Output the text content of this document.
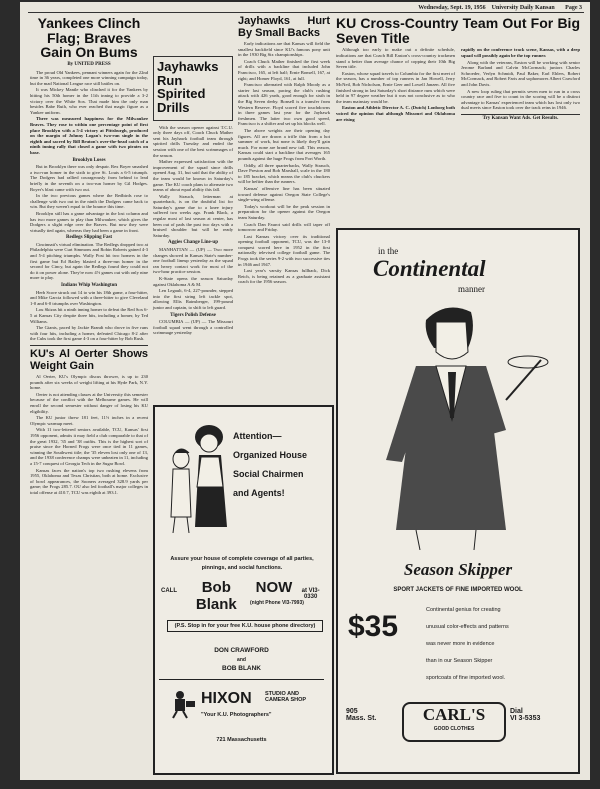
Wednesday, Sept. 19, 1956 University Daily Kansan Page 3
Yankees Clinch Flag; Braves Gain On Bums
By UNITED PRESS

The proud Old Yankees, pennant winners again for the 22nd time in 36 years, completed one more winning campaign today, but the mad National League race still battles on.

It was Mickey Mantle who clinched it for the Yankees by hitting his 50th homer in the 11th inning to provide a 3-2 victory over the White Sox. That made him the only man besides Babe Ruth, who ever reached that magic figure as a Yankee uniform.

Three was measured happiness for the Milwaukee Braves. They rose to within one percentage point of first place Brooklyn with a 5-4 victory at Pittsburgh, produced on the margin of Johnny Logan's two-run single in the eighth and sacred by Bill Bruton's over-the-head catch of a ninth inning rally that closed a game with two pirates on base.

Brooklyn Loses

But in Brooklyn there was only despair. Rex Boyer smashed a two-run homer in the sixth to give St. Louis a 6-5 triumph. The Dodgers had rallied courageously from behind to lead briefly in the seventh on a two-run homer by Gil Hodges. Boyer's blast came with two out.

In the two previous games where the Redbirds rose to challenge with two out in the ninth the Dodgers came back to win. But they weren't equal to the bounce this time.

Brooklyn still has a game advantage in the lost column and has two more games to play than Milwaukee, which gives the Dodgers a slight edge over the Braves. But now they were virtually tied again, whereas they had been a game in front.

Redlegs Slipping Fast

Cincinnati's virtual elimination. The Redlegs dropped two at Philadelphia were Curt Simmons and Robin Roberts gained 4-3 and 5-4 pitching triumphs. Wally Post hit two homers in the first game but Ed Bailey blasted a three-run homer in the second for Cincy, but again the Redlegs found they could not do it on power alone. They're now 4½ games out with only nine more to play.

Indians Whip Washington

Herb Score struck out 14 to win his 18th game, a four-hitter, and Mike Garcia followed with a three-hitter to give Cleveland 1-0 and 6-0 triumphs over Washington.

Lou Skizas hit a ninth inning homer to defeat the Red Sox 6-5 at Kansas City despite three hits, including a homer, by Ted Williams.

The Giants, paced by Jackie Brandt who drove in five runs with four hits, including a homer, defeated Chicago 8-2 after the Cubs took the first game 4-3 on a four-hitter by Bob Rush.

KU's Al Oerter Shows Weight Gain

Al Oerter, KU's Olympic discus thrower, is up to 230 pounds after six weeks of weight lifting at his Hyde Park, N.Y. home.

Oerter is not attending classes at the University this semester because of the conflict with the Melbourne games. He will enroll the second semester without danger of losing his KU eligibility.

The KU junior threw 181 feet, 11½ inches in a recent Olympic warmup meet.

With 11 two-lettered seniors available, TCU, Kansas' first 1956 opponent, admits it may field a club comparable to that of the great 1932, '35 and '38 outfits. This is the highest sort of praise since the Horned Frogs were once tied in 11 games, winning the Southwest title; the '35 eleven lost only one of 13, and the 1938 conference champs were unbeaten in 11, including a 15-7 conquest of Georgia Tech in the Sugar Bowl.

Kansas faces the nation's top two rushing elevens from 1955, Oklahoma and Texas Christian, both at home. Exclusive of bowl appearances, the Sooners averaged 328.9 yards per game; the Frogs 285.7. OU also led football's major colleges in total offense at 410.7, TCU was eighth at 393.1.

Jayhawks Run Spirited Drills

With the season opener against T.C.U. only three days off, Coach Chuck Mather sent his Jayhawk football team through spirited drills Tuesday and ended the session with one of the best scrimmages of the season.

Mather expressed satisfaction with the improvement of the squad since drills opened Aug. 31, but said that the ability of the team would be known in Saturday's game. The KU coach plans to alternate two teams of about equal ability this fall.

Wally Strauch, letterman at quarterback, is on the doubtful list for Saturday's game due to a knee injury suffered two weeks ago. Frank Black, a regular most of last season at center, has been out of pads the past two days with a bruised shoulder but will be ready Saturday.

Aggies Change Line-up

MANHATTAN — (UP) — Two more changes showed in Kansas State's number-one football lineup yesterday as the squad ran heavy contact work for most of the two-hour practice session.

K-State opens the season Saturday against Oklahoma A & M.

Len Legault, 6-4, 227-pounder, stepped into the first string left tackle spot, allowing Ellis Rainsberger, 199-pound junior and captain, to shift to left guard.

Tigers Polish Defense

COLUMBIA — (UP) — The Missouri football squad went through a controlled scrimmage yesterday

Jayhawks Hurt By Small Backs

Early indications are that Kansas will field the smallest backfield since KU's famous pony unit in the 1930 Big Six championships.

Coach Chuck Mather finished the first week of drills with a backline that included John Francisco, 165, at left half; Ernie Bonsell, 167, at right; and Homer Floyd, 161, at full.

Francisco alternated with Ralph Moody as a starter last season, pacing the club's rushing attack with 426 yards, good enough for sixth in the Big Seven derby. Bonsell is a transfer from Western Reserve. Floyd scored five touchdowns in three games last year for the Jayhawk freshmen. The latter two own good speed, Francisco is a shifter and set up his blocks well.

The above weights are their opening day figures. All are drawn a trifle thin from a hot summer of work, but none is likely they'll gain much. For none are brand new tall. This reason, Kansas could start a backline that averages 165 pounds against the huge Frogs from Fort Worth.

Oddly, all three quarterbacks, Wally Strauch, Dave Preston and Bob Marshall, scale in the 180 to 185 bracket, which means the club's chuckers will be heftier than the runners.

Kansas' offensive line has been situated toward defense against Oregon State College's single-wing offense.

Today's workout will be the peak session in preparation for the opener against the Oregon team Saturday.

Coach Dan Faurot said drills will taper off tomorrow and Friday.

Last Kansas victory over its traditional opening football opponent, TCU, was the 13-0 conquest scored here in 1952 in the first nationally televised college football game. The Frogs took the series 9-2 with two successive ties in 1946 and 1947.

Last year's varsity Kansas fullback, Dick Reich, is being retained as a graduate assistant coach for the 1956 season.

KU Cross-Country Team Out For Big Seven Title

Although too early to make out a definite schedule, indications are that Coach Bill Easton's cross-country trackmen stand a better than average chance of copping their 10th Big Seven title.

Easton, whose squad travels to Columbia for the first meet of the season, has a number of top runners in Jan Howell, Jerry McNeil, Bob Nicholson, Ernie Geer and Lowell Janzen. All five finished strong in last Saturday's short distance runs which were held in 97 degree weather but it was not conclusive as to who the team mainstay would be.

Easton and Athletic Director A. C. (Dutch) Lonborg both voiced the opinion that although Missouri and Oklahoma are rising

rapidly on the conference track scene, Kansas, with a deep squad will possibly again be the top runner.

Along with the veterans, Easton will be working with senior Jerome Barland and Calvin McCormack; juniors Charles Schroeder, Verlyn Schmidt, Paul Baker, Earl Ehlers, Robert McCormack, and Robert Faris and sophomores Albert Crawford and John Davis.

A new loop ruling that permits seven men to run in a cross country race and five to count in the scoring will be a distinct advantage to Kansas' experienced team which has lost only two dual meets since Easton took over the track reins in 1946.

Try Kansan Want Ads. Get Results.
Attention—
Organized House
Social Chairmen
and Agents!
Assure your house of complete coverage of all parties, pinnings, and social functions.
CALL	Bob Blank
NOW	at VI3-0330
(night Phone VI3-7993)
(P.S. Stop in for your free K.U. house phone directory)
DON CRAWFORD
and
BOB BLANK
HIXON STUDIO AND
CAMERA SHOP
"Your K.U. Photographers"
721 Massachusetts
in the
Continental
manner
Season Skipper
SPORT JACKETS OF FINE IMPORTED WOOL
$35	Continental genius for creating
unusual color-effects and patterns
was never more in evidence
than in our Season Skipper
sportcoats of fine imported wool.
905
Mass. St.	CARL'S
GOOD CLOTHES
Dial
VI 3-5353
